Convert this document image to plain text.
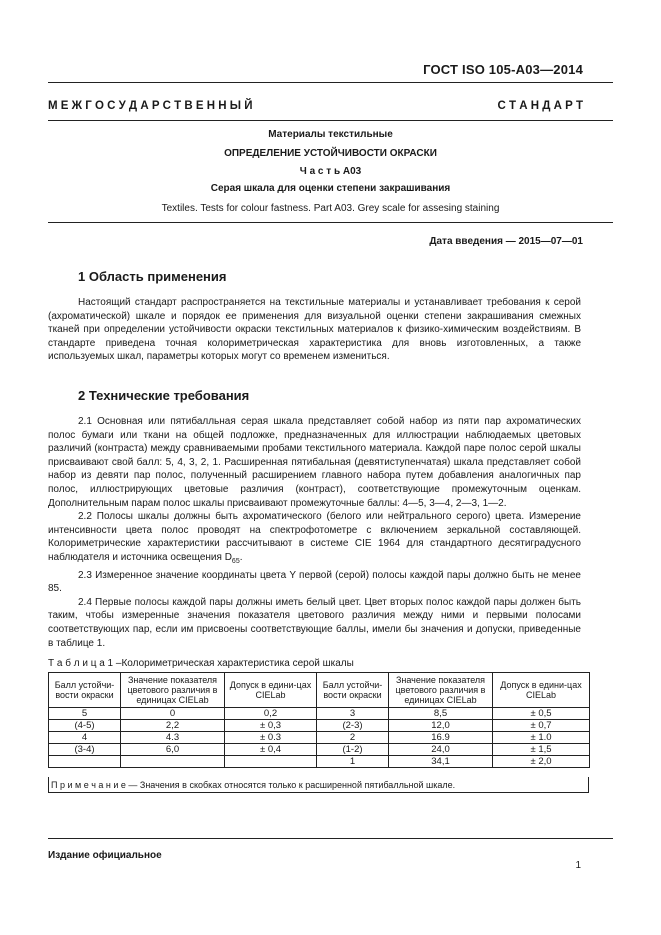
ГОСТ ISO 105-A03—2014
М Е Ж Г О С У Д А Р С Т В Е Н Н Ы Й	С Т А Н Д А Р Т
Материалы текстильные
ОПРЕДЕЛЕНИЕ УСТОЙЧИВОСТИ ОКРАСКИ
Ч а с т ь А03
Серая шкала для оценки степени закрашивания
Textiles. Tests for colour fastness. Part A03. Grey scale for assesing staining
Дата введения — 2015—07—01
1 Область применения

Настоящий стандарт распространяется на текстильные материалы и устанавливает требования к серой (ахроматической) шкале и порядок ее применения для визуальной оценки степени закрашивания смежных тканей при определении устойчивости окраски текстильных материалов к физико-химическим воздействиям. В стандарте приведена точная колориметрическая характеристика для вновь изготовленных, а также используемых шкал, параметры которых могут со временем измениться.

2 Технические требования

2.1 Основная или пятибалльная серая шкала представляет собой набор из пяти пар ахроматических полос бумаги или ткани на общей подложке, предназначенных для иллюстрации наблюдаемых цветовых различий (контраста) между сравниваемыми пробами текстильного материала. Каждой паре полос серой шкалы присваивают свой балл: 5, 4, 3, 2, 1. Расширенная пятибальная (девятиступенчатая) шкала представляет собой набор из девяти пар полос, полученный расширением главного набора путем добавления аналогичных пар полос, иллюстрирующих цветовые различия (контраст), соответствующие промежуточным оценкам. Дополнительным парам полос шкалы присваивают промежуточные баллы: 4—5, 3—4, 2—3, 1—2.

2.2 Полосы шкалы должны быть ахроматического (белого или нейтрального серого) цвета. Измерение интенсивности цвета полос проводят на спектрофотометре с включением зеркальной составляющей. Колориметрические характеристики рассчитывают в системе CIE 1964 для стандартного десятиградусного наблюдателя и источника освещения $D_{65}$.

2.3 Измеренное значение координаты цвета Y первой (серой) полосы каждой пары должно быть не менее 85.

2.4 Первые полосы каждой пары должны иметь белый цвет. Цвет вторых полос каждой пары должен быть таким, чтобы измеренные значения показателя цветового различия между ними и первыми полосами соответствующих пар, если им присвоены соответствующие баллы, имели бы значения и допуски, приведенные в таблице 1.

Т а б л и ц а 1 –Колориметрическая характеристика серой шкалы
Балл устойчи-вости окраски	Значение показателя цветового различия в единицах CIELab	Допуск в едини-цах CIELab	Балл устойчи-вости окраски	Значение показателя цветового различия в единицах CIELab	Допуск в едини-цах CIELab
5	0	0,2	3	8,5	± 0,5
(4-5)	2,2	± 0,3	(2-3)	12,0	± 0,7
4	4.3	± 0.3	2	16.9	± 1.0
(3-4)	6,0	± 0,4	(1-2)	24,0	± 1,5
			1	34,1	± 2,0
П р и м е ч а н и е — Значения в скобках относятся только к расширенной пятибалльной шкале.
Издание официальное
1
